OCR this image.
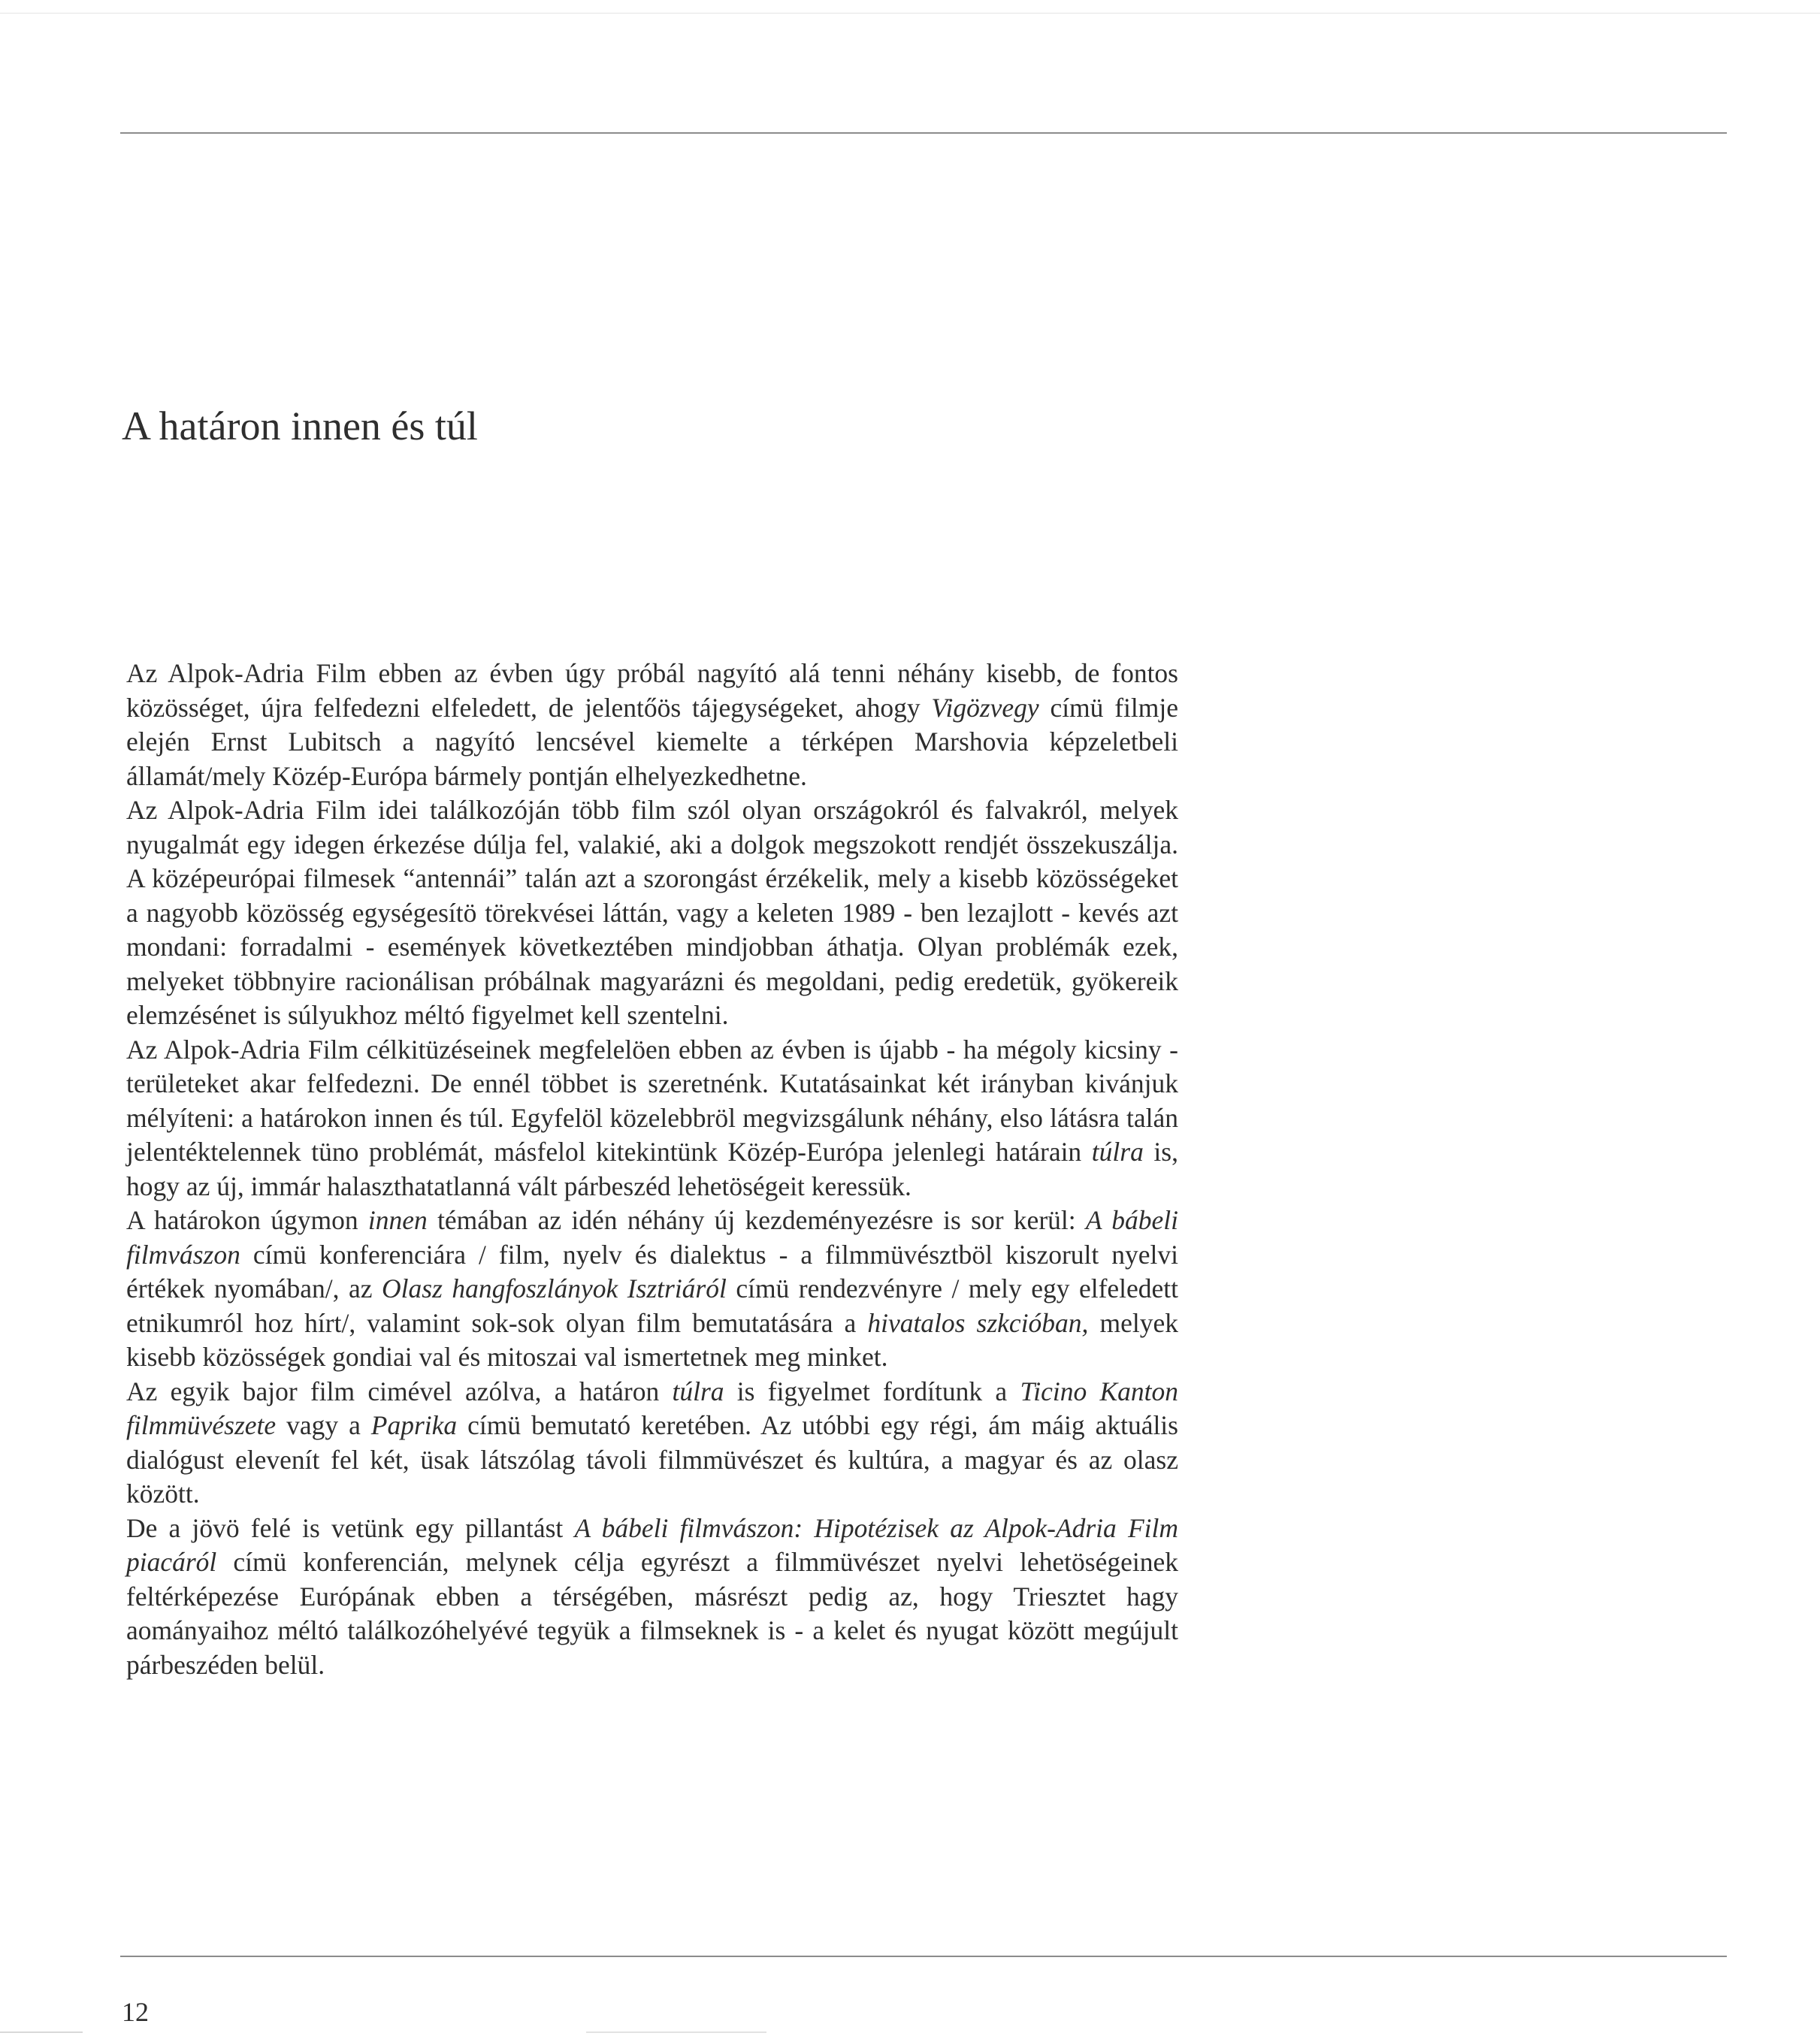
A határon innen és túl

Az Alpok-Adria Film ebben az évben úgy próbál nagyító alá tenni néhány kisebb, de fontos közösséget, újra felfedezni elfeledett, de jelentőös tájegységeket, ahogy Vigözvegy címü filmje elején Ernst Lubitsch a nagyító lencsével kiemelte a térképen Marshovia képzeletbeli államát/mely Közép-Európa bármely pontján elhelyezkedhetne.

Az Alpok-Adria Film idei találkozóján több film szól olyan országokról és falvakról, melyek nyugalmát egy idegen érkezése dúlja fel, valakié, aki a dolgok megszokott rendjét összekuszálja. A középeurópai filmesek “antennái” talán azt a szorongást érzékelik, mely a kisebb közösségeket a nagyobb közösség egységesítö törekvései láttán, vagy a keleten 1989 - ben lezajlott - kevés azt mondani: forradalmi - események következtében mindjobban áthatja. Olyan problémák ezek, melyeket többnyire racionálisan próbálnak magyarázni és megoldani, pedig eredetük, gyökereik elemzésénet is súlyukhoz méltó figyelmet kell szentelni.

Az Alpok-Adria Film célkitüzéseinek megfelelöen ebben az évben is újabb - ha mégoly kicsiny - területeket akar felfedezni. De ennél többet is szeretnénk. Kutatásainkat két irányban kivánjuk mélyíteni: a határokon innen és túl. Egyfelöl közelebbröl megvizsgálunk néhány, elso látásra talán jelentéktelennek tüno problémát, másfelol kitekintünk Közép-Európa jelenlegi határain túlra is, hogy az új, immár halaszthatatlanná vált párbeszéd lehetöségeit keressük.

A határokon úgymon innen témában az idén néhány új kezdeményezésre is sor kerül: A bábeli filmvászon címü konferenciára / film, nyelv és dialektus - a filmmüvésztböl kiszorult nyelvi értékek nyomában/, az Olasz hangfoszlányok Isztriáról címü rendezvényre / mely egy elfeledett etnikumról hoz hírt/, valamint sok-sok olyan film bemutatására a hivatalos szkcióban, melyek kisebb közösségek gondiai val és mitoszai val ismertetnek meg minket.

Az egyik bajor film cimével azólva, a határon túlra is figyelmet fordítunk a Ticino Kanton filmmüvészete vagy a Paprika címü bemutató keretében. Az utóbbi egy régi, ám máig aktuális dialógust elevenít fel két, üsak látszólag távoli filmmüvészet és kultúra, a magyar és az olasz között.

De a jövö felé is vetünk egy pillantást A bábeli filmvászon: Hipotézisek az Alpok-Adria Film piacáról címü konferencián, melynek célja egyrészt a filmmüvészet nyelvi lehetöségeinek feltérképezése Európának ebben a térségében, másrészt pedig az, hogy Triesztet hagy aományaihoz méltó találkozóhelyévé tegyük a filmseknek is - a kelet és nyugat között megújult párbeszéden belül.

12
